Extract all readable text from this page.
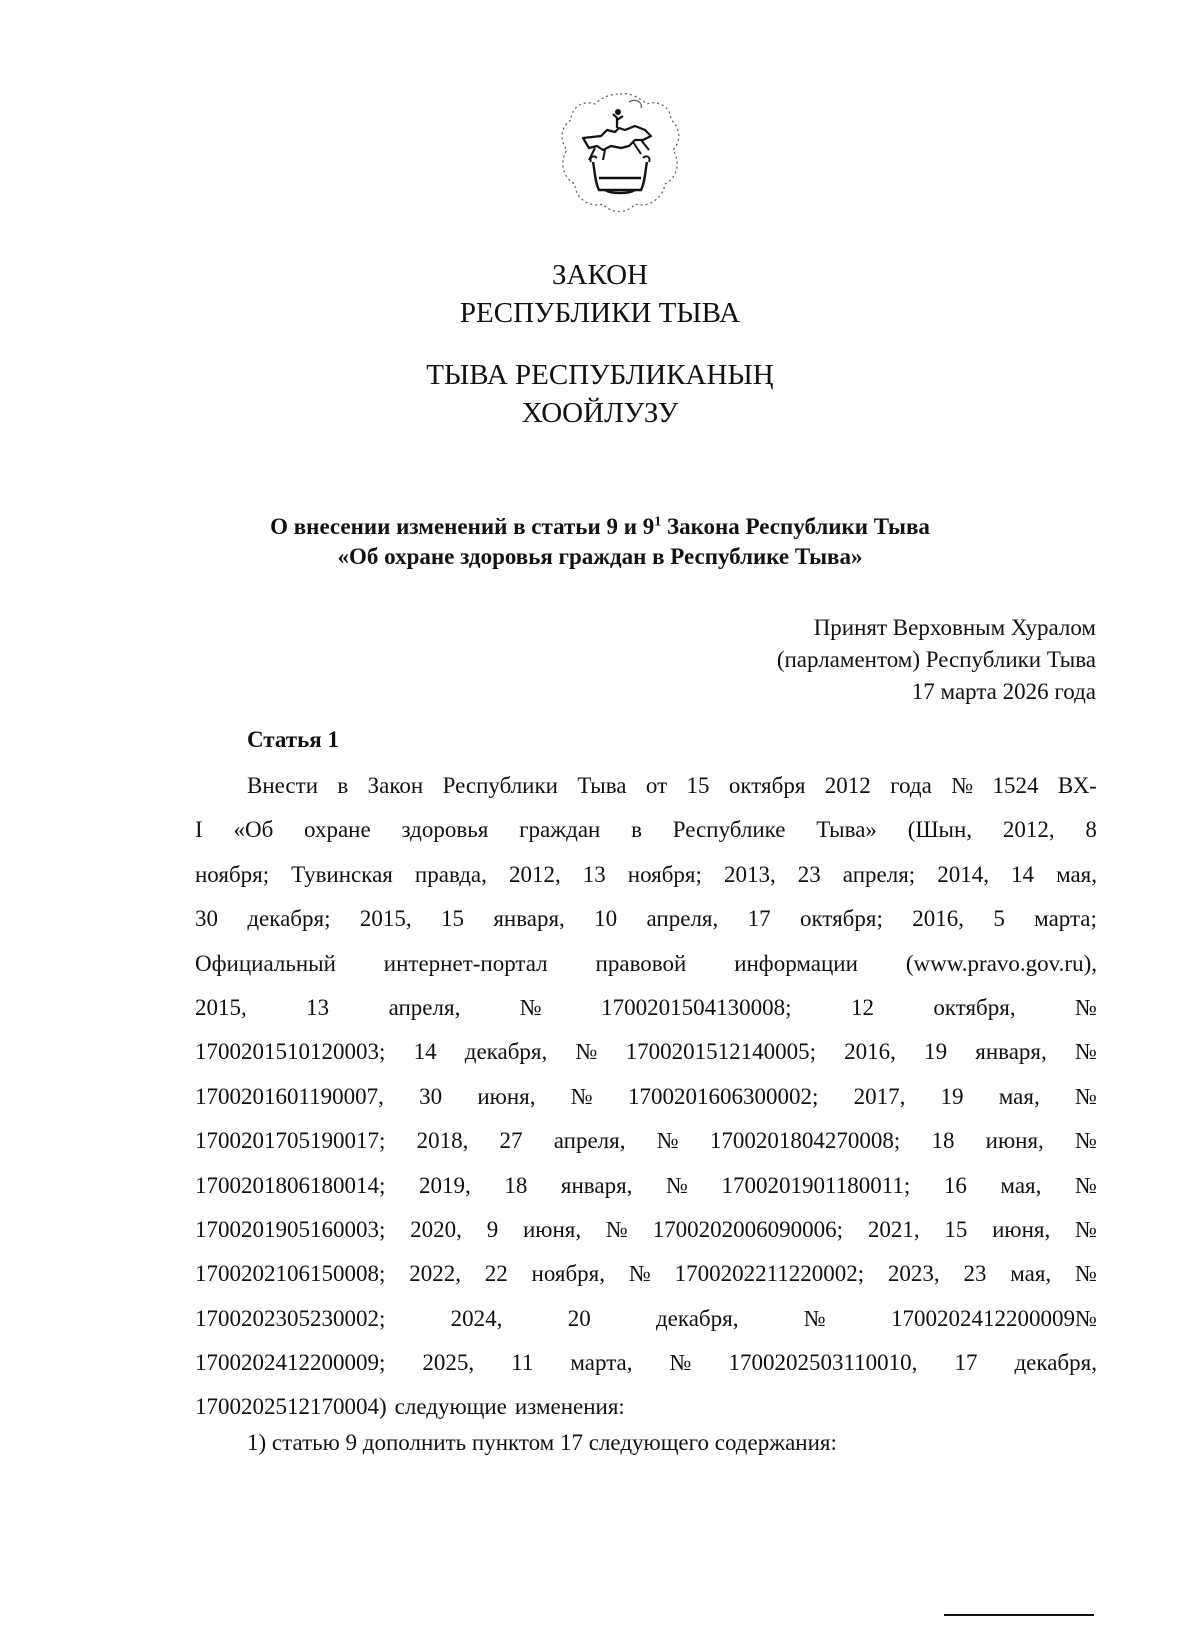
ЗАКОН
РЕСПУБЛИКИ ТЫВА
ТЫВА РЕСПУБЛИКАНЫҢ
ХООЙЛУЗУ
О внесении изменений в статьи 9 и $9^1$ Закона Республики Тыва
«Об охране здоровья граждан в Республике Тыва»
Принят Верховным Хуралом
(парламентом) Республики Тыва
17 марта 2026 года
Статья 1
Внести в Закон Республики Тыва от 15 октября 2012 года № 1524 ВХ-
I «Об охране здоровья граждан в Республике Тыва» (Шын, 2012, 8
ноября; Тувинская правда, 2012, 13 ноября; 2013, 23 апреля; 2014, 14 мая,
30 декабря; 2015, 15 января, 10 апреля, 17 октября; 2016, 5 марта;
Официальный интернет-портал правовой информации (www.pravo.gov.ru),
2015,	13	апреля,	№	1700201504130008;	12	октября,	№
1700201510120003; 14 декабря, № 1700201512140005; 2016, 19 января, №
1700201601190007, 30 июня, № 1700201606300002; 2017, 19 мая, №
1700201705190017; 2018, 27 апреля, № 1700201804270008; 18 июня, №
1700201806180014; 2019, 18 января, № 1700201901180011; 16 мая, №
1700201905160003; 2020, 9 июня, № 1700202006090006; 2021, 15 июня, №
1700202106150008; 2022, 22 ноября, № 1700202211220002; 2023, 23 мая, №
1700202305230002;	2024,	20	декабря,	№	1700202412200009№
1700202412200009; 2025, 11 марта, № 1700202503110010, 17 декабря,
1700202512170004) следующие изменения:
1) статью 9 дополнить пунктом 17 следующего содержания:
